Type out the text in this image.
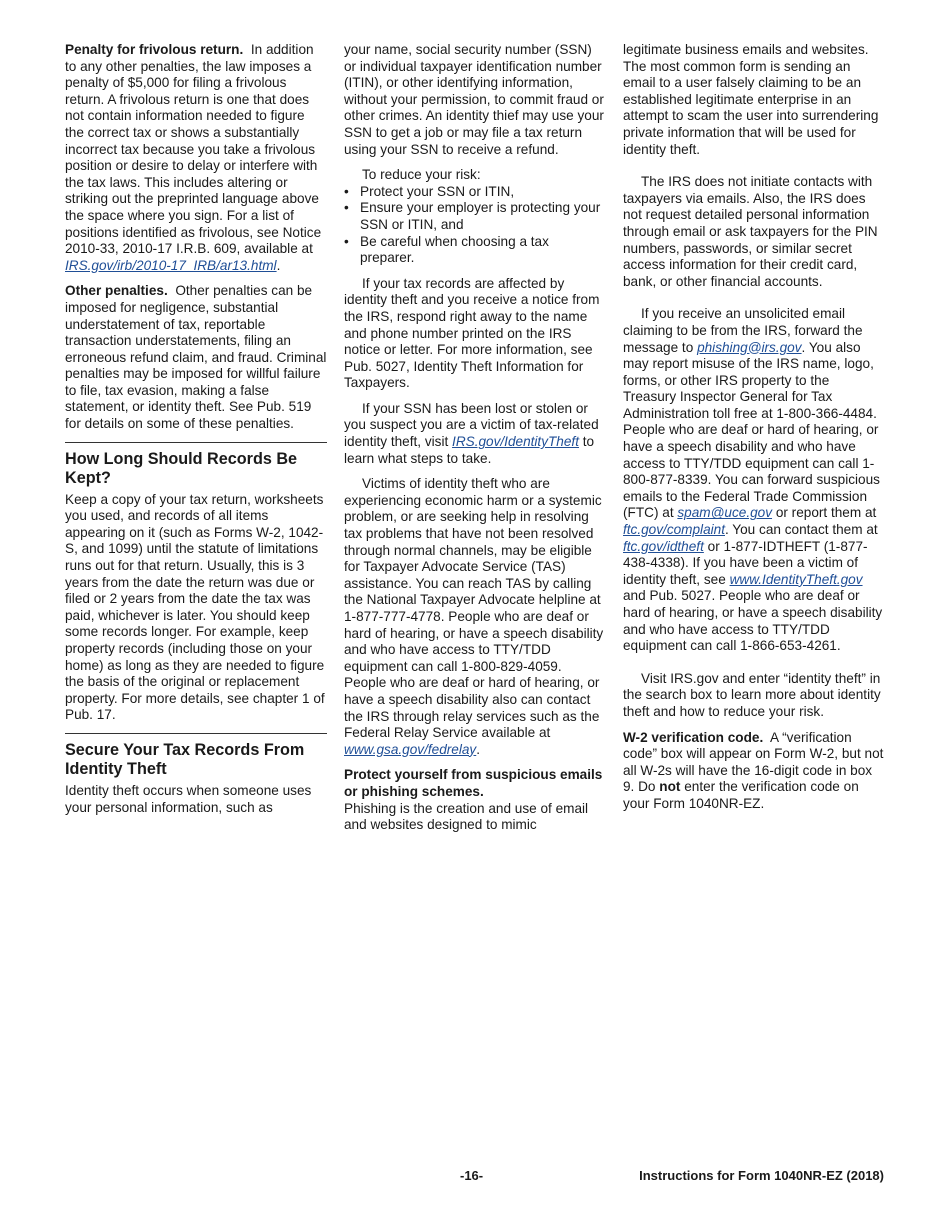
Penalty for frivolous return. In addition to any other penalties, the law imposes a penalty of $5,000 for filing a frivolous return. A frivolous return is one that does not contain information needed to figure the correct tax or shows a substantially incorrect tax because you take a frivolous position or desire to delay or interfere with the tax laws. This includes altering or striking out the preprinted language above the space where you sign. For a list of positions identified as frivolous, see Notice 2010-33, 2010-17 I.R.B. 609, available at IRS.gov/irb/2010-17_IRB/ar13.html.

Other penalties. Other penalties can be imposed for negligence, substantial understatement of tax, reportable transaction understatements, filing an erroneous refund claim, and fraud. Criminal penalties may be imposed for willful failure to file, tax evasion, making a false statement, or identity theft. See Pub. 519 for details on some of these penalties.

How Long Should Records Be Kept?

Keep a copy of your tax return, worksheets you used, and records of all items appearing on it (such as Forms W-2, 1042-S, and 1099) until the statute of limitations runs out for that return. Usually, this is 3 years from the date the return was due or filed or 2 years from the date the tax was paid, whichever is later. You should keep some records longer. For example, keep property records (including those on your home) as long as they are needed to figure the basis of the original or replacement property. For more details, see chapter 1 of Pub. 17.

Secure Your Tax Records From Identity Theft

Identity theft occurs when someone uses your personal information, such as

your name, social security number (SSN) or individual taxpayer identification number (ITIN), or other identifying information, without your permission, to commit fraud or other crimes. An identity thief may use your SSN to get a job or may file a tax return using your SSN to receive a refund.

To reduce your risk:

• Protect your SSN or ITIN,

• Ensure your employer is protecting your SSN or ITIN, and

• Be careful when choosing a tax preparer.

If your tax records are affected by identity theft and you receive a notice from the IRS, respond right away to the name and phone number printed on the IRS notice or letter. For more information, see Pub. 5027, Identity Theft Information for Taxpayers.

If your SSN has been lost or stolen or you suspect you are a victim of tax-related identity theft, visit IRS.gov/IdentityTheft to learn what steps to take.

Victims of identity theft who are experiencing economic harm or a systemic problem, or are seeking help in resolving tax problems that have not been resolved through normal channels, may be eligible for Taxpayer Advocate Service (TAS) assistance. You can reach TAS by calling the National Taxpayer Advocate helpline at 1-877-777-4778. People who are deaf or hard of hearing, or have a speech disability and who have access to TTY/TDD equipment can call 1-800-829-4059. People who are deaf or hard of hearing, or have a speech disability also can contact the IRS through relay services such as the Federal Relay Service available at www.gsa.gov/fedrelay.

Protect yourself from suspicious emails or phishing schemes.
Phishing is the creation and use of email and websites designed to mimic

legitimate business emails and websites. The most common form is sending an email to a user falsely claiming to be an established legitimate enterprise in an attempt to scam the user into surrendering private information that will be used for identity theft.

The IRS does not initiate contacts with taxpayers via emails. Also, the IRS does not request detailed personal information through email or ask taxpayers for the PIN numbers, passwords, or similar secret access information for their credit card, bank, or other financial accounts.

If you receive an unsolicited email claiming to be from the IRS, forward the message to phishing@irs.gov. You also may report misuse of the IRS name, logo, forms, or other IRS property to the Treasury Inspector General for Tax Administration toll free at 1-800-366-4484. People who are deaf or hard of hearing, or have a speech disability and who have access to TTY/TDD equipment can call 1-800-877-8339. You can forward suspicious emails to the Federal Trade Commission (FTC) at spam@uce.gov or report them at ftc.gov/complaint. You can contact them at ftc.gov/idtheft or 1-877-IDTHEFT (1-877-438-4338). If you have been a victim of identity theft, see www.IdentityTheft.gov and Pub. 5027. People who are deaf or hard of hearing, or have a speech disability and who have access to TTY/TDD equipment can call 1-866-653-4261.

Visit IRS.gov and enter “identity theft” in the search box to learn more about identity theft and how to reduce your risk.

W-2 verification code. A “verification code” box will appear on Form W-2, but not all W-2s will have the 16-digit code in box 9. Do not enter the verification code on your Form 1040NR-EZ.

-16-	Instructions for Form 1040NR-EZ (2018)
